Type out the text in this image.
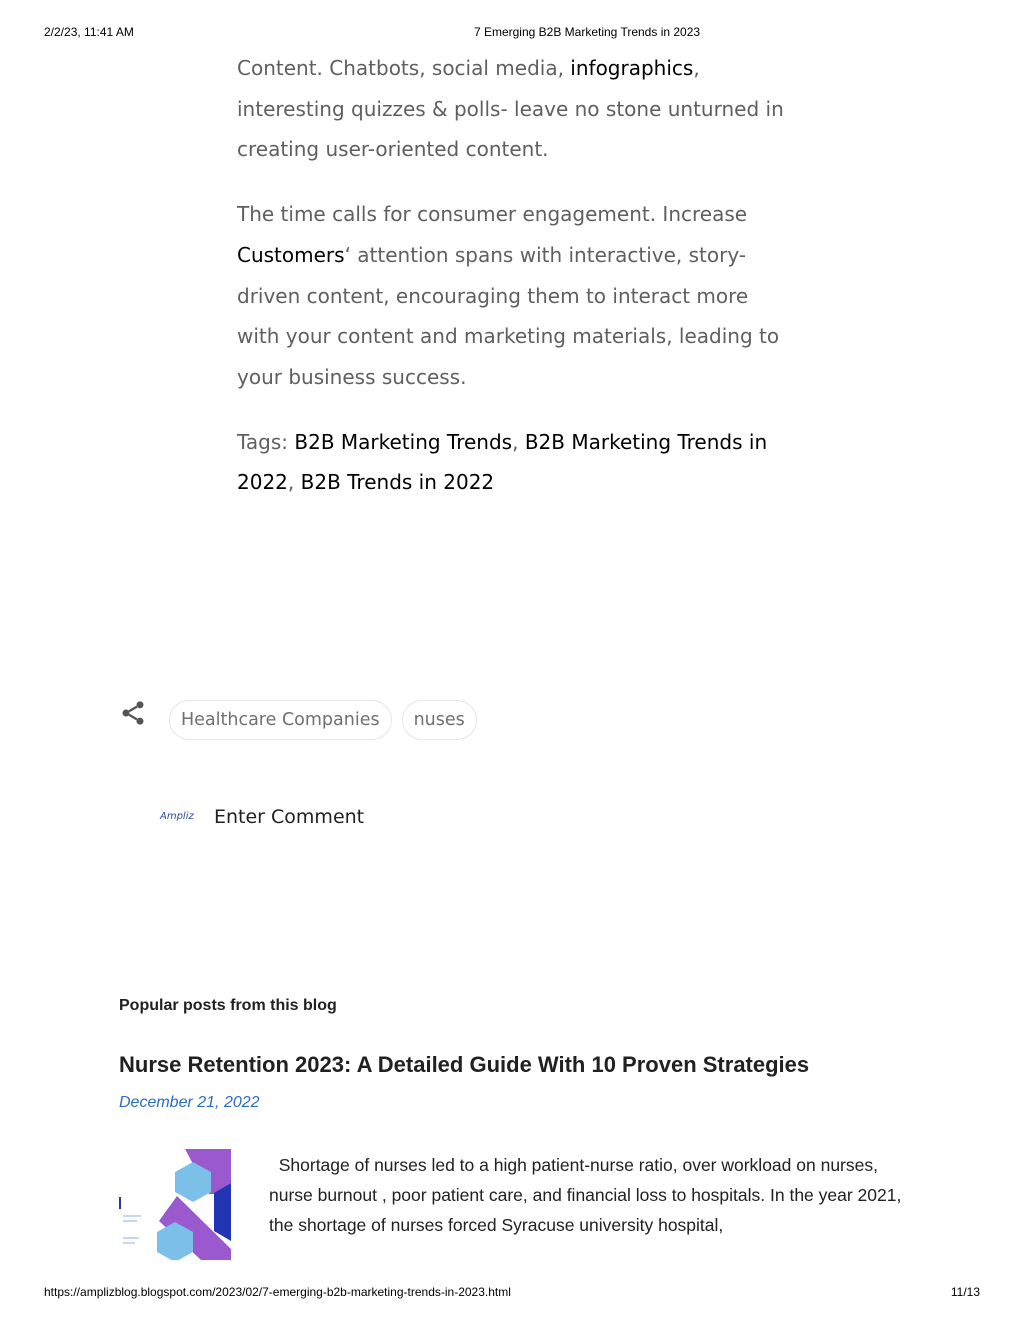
2/2/23, 11:41 AM	7 Emerging B2B Marketing Trends in 2023

Content. Chatbots, social media, infographics, interesting quizzes & polls- leave no stone unturned in creating user-oriented content.

The time calls for consumer engagement. Increase Customers‘ attention spans with interactive, story-driven content, encouraging them to interact more with your content and marketing materials, leading to your business success.

Tags: B2B Marketing Trends, B2B Marketing Trends in 2022, B2B Trends in 2022

Healthcare Companies	nuses
Ampliz	Enter Comment
Popular posts from this blog
Nurse Retention 2023: A Detailed Guide With 10 Proven Strategies
December 21, 2022
Shortage of nurses led to a high patient-nurse ratio, over workload on nurses,   nurse burnout , poor patient care, and financial loss to hospitals. In the year 2021, the shortage of nurses forced Syracuse university hospital,
https://amplizblog.blogspot.com/2023/02/7-emerging-b2b-marketing-trends-in-2023.html	11/13
